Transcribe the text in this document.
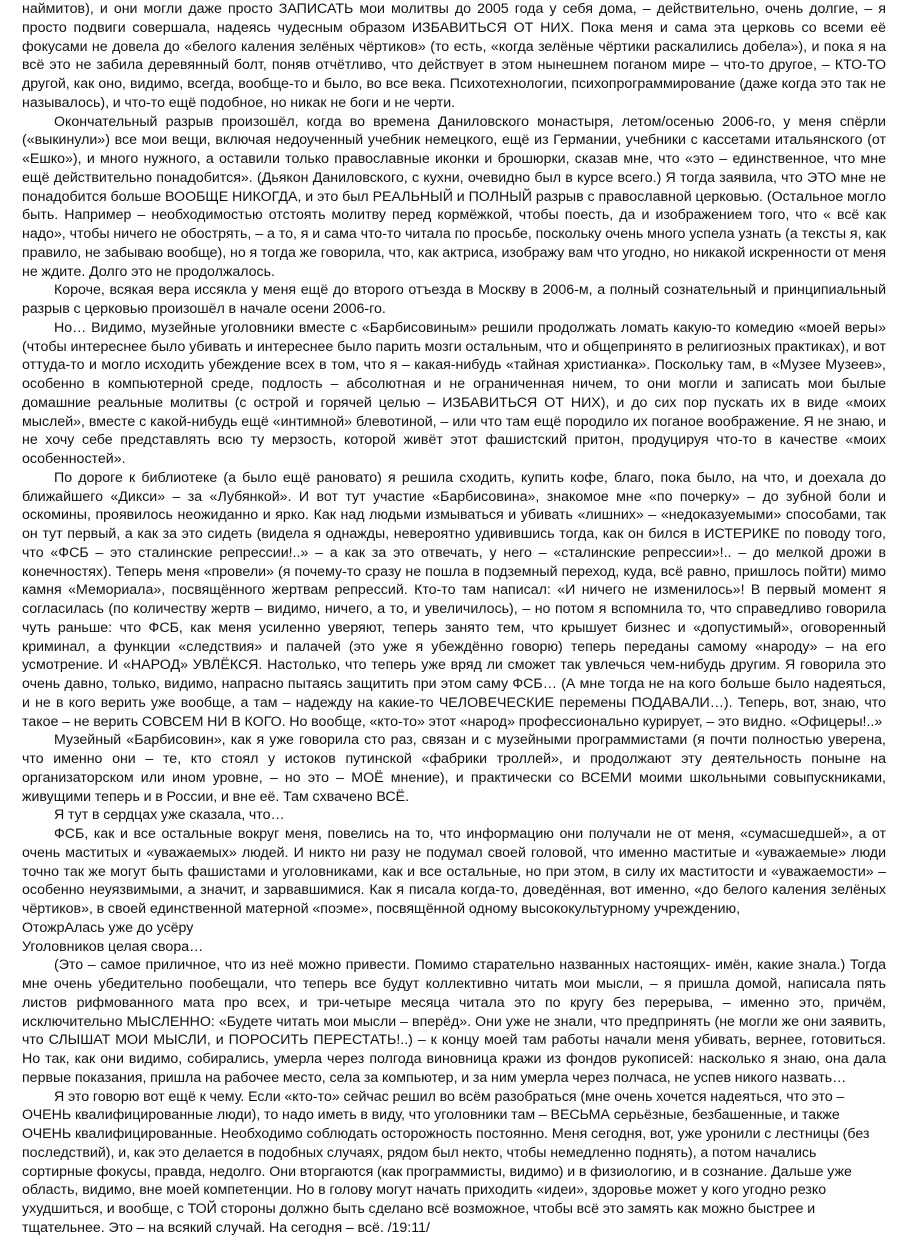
наймитов), и они могли даже просто ЗАПИСАТЬ мои молитвы до 2005 года у себя дома, – действительно, очень долгие, – я просто подвиги совершала, надеясь чудесным образом ИЗБАВИТЬСЯ ОТ НИХ. Пока меня и сама эта церковь со всеми её фокусами не довела до «белого каления зелёных чёртиков» (то есть, «когда зелёные чёртики раскалились добела»), и пока я на всё это не забила деревянный болт, поняв отчётливо, что действует в этом нынешнем поганом мире – что-то другое, – КТО-ТО другой, как оно, видимо, всегда, вообще-то и было, во все века. Психотехнологии, психопрограммирование (даже когда это так не называлось), и что-то ещё подобное, но никак не боги и не черти.

Окончательный разрыв произошёл, когда во времена Даниловского монастыря, летом/осенью 2006-го, у меня спёрли («выкинули») все мои вещи, включая недоученный учебник немецкого, ещё из Германии, учебники с кассетами итальянского (от «Ешко»), и много нужного, а оставили только православные иконки и брошюрки, сказав мне, что «это – единственное, что мне ещё действительно понадобится». (Дьякон Даниловского, с кухни, очевидно был в курсе всего.) Я тогда заявила, что ЭТО мне не понадобится больше ВООБЩЕ НИКОГДА, и это был РЕАЛЬНЫЙ и ПОЛНЫЙ разрыв с православной церковью. (Остальное могло быть. Например – необходимостью отстоять молитву перед кормёжкой, чтобы поесть, да и изображением того, что « всё как надо», чтобы ничего не обострять, – а то, я и сама что-то читала по просьбе, поскольку очень много успела узнать (а тексты я, как правило, не забываю вообще), но я тогда же говорила, что, как актриса, изображу вам что угодно, но никакой искренности от меня не ждите. Долго это не продолжалось.

Короче, всякая вера иссякла у меня ещё до второго отъезда в Москву в 2006-м, а полный сознательный и принципиальный разрыв с церковью произошёл в начале осени 2006-го.

Но… Видимо, музейные уголовники вместе с «Барбисовиным» решили продолжать ломать какую-то комедию «моей веры» (чтобы интереснее было убивать и интереснее было парить мозги остальным, что и общепринято в религиозных практиках), и вот оттуда-то и могло исходить убеждение всех в том, что я – какая-нибудь «тайная христианка». Поскольку там, в «Музее Музеев», особенно в компьютерной среде, подлость – абсолютная и не ограниченная ничем, то они могли и записать мои былые домашние реальные молитвы (с острой и горячей целью – ИЗБАВИТЬСЯ ОТ НИХ), и до сих пор пускать их в виде «моих мыслей», вместе с какой-нибудь ещё «интимной» блевотиной, – или что там ещё породило их поганое воображение. Я не знаю, и не хочу себе представлять всю ту мерзость, которой живёт этот фашистский притон, продуцируя что-то в качестве «моих особенностей».

По дороге к библиотеке (а было ещё рановато) я решила сходить, купить кофе, благо, пока было, на что, и доехала до ближайшего «Дикси» – за «Лубянкой». И вот тут участие «Барбисовина», знакомое мне «по почерку» – до зубной боли и оскомины, проявилось неожиданно и ярко. Как над людьми измываться и убивать «лишних» – «недоказуемыми» способами, так он тут первый, а как за это сидеть (видела я однажды, невероятно удивившись тогда, как он бился в ИСТЕРИКЕ по поводу того, что «ФСБ – это сталинские репрессии!..» – а как за это отвечать, у него – «сталинские репрессии»!.. – до мелкой дрожи в конечностях). Теперь меня «провели» (я почему-то сразу не пошла в подземный переход, куда, всё равно, пришлось пойти) мимо камня «Мемориала», посвящённого жертвам репрессий. Кто-то там написал: «И ничего не изменилось»! В первый момент я согласилась (по количеству жертв – видимо, ничего, а то, и увеличилось), – но потом я вспомнила то, что справедливо говорила чуть раньше: что ФСБ, как меня усиленно уверяют, теперь занято тем, что крышует бизнес и «допустимый», оговоренный криминал, а функции «следствия» и палачей (это уже я убеждённо говорю) теперь переданы самому «народу» – на его усмотрение. И «НАРОД» УВЛЁКСЯ. Настолько, что теперь уже вряд ли сможет так увлечься чем-нибудь другим. Я говорила это очень давно, только, видимо, напрасно пытаясь защитить при этом саму ФСБ… (А мне тогда не на кого больше было надеяться, и не в кого верить уже вообще, а там – надежду на какие-то ЧЕЛОВЕЧЕСКИЕ перемены ПОДАВАЛИ…). Теперь, вот, знаю, что такое – не верить СОВСЕМ НИ В КОГО. Но вообще, «кто-то» этот «народ» профессионально курирует, – это видно. «Офицеры!..»

Музейный «Барбисовин», как я уже говорила сто раз, связан и с музейными программистами (я почти полностью уверена, что именно они – те, кто стоял у истоков путинской «фабрики троллей», и продолжают эту деятельность поныне на организаторском или ином уровне, – но это – МОЁ мнение), и практически со ВСЕМИ моими школьными совыпускниками, живущими теперь и в России, и вне её. Там схвачено ВСЁ.

Я тут в сердцах уже сказала, что…

ФСБ, как и все остальные вокруг меня, повелись на то, что информацию они получали не от меня, «сумасшедшей», а от очень маститых и «уважаемых» людей. И никто ни разу не подумал своей головой, что именно маститые и «уважаемые» люди точно так же могут быть фашистами и уголовниками, как и все остальные, но при этом, в силу их маститости и «уважаемости» – особенно неуязвимыми, а значит, и зарвавшимися. Как я писала когда-то, доведённая, вот именно, «до белого каления зелёных чёртиков», в своей единственной матерной «поэме», посвящённой одному высококультурному учреждению,

ОтожрАлась уже до усёру

Уголовников целая свора…

(Это – самое приличное, что из неё можно привести. Помимо старательно названных настоящих- имён, какие знала.) Тогда мне очень убедительно пообещали, что теперь все будут коллективно читать мои мысли, – я пришла домой, написала пять листов рифмованного мата про всех, и три-четыре месяца читала это по кругу без перерыва, – именно это, причём, исключительно МЫСЛЕННО: «Будете читать мои мысли – вперёд». Они уже не знали, что предпринять (не могли же они заявить, что СЛЫШАТ МОИ МЫСЛИ, и ПОРОСИТЬ ПЕРЕСТАТЬ!..) – к концу моей там работы начали меня убивать, вернее, готовиться. Но так, как они видимо, собирались, умерла через полгода виновница кражи из фондов рукописей: насколько я знаю, она дала первые показания, пришла на рабочее место, села за компьютер, и за ним умерла через полчаса, не успев никого назвать…

Я это говорю вот ещё к чему. Если «кто-то» сейчас решил во всём разобраться (мне очень хочется надеяться, что это – ОЧЕНЬ квалифицированные люди), то надо иметь в виду, что уголовники там – ВЕСЬМА серьёзные, безбашенные, и также ОЧЕНЬ квалифицированные. Необходимо соблюдать осторожность постоянно. Меня сегодня, вот, уже уронили с лестницы (без последствий), и, как это делается в подобных случаях, рядом был некто, чтобы немедленно поднять), а потом начались сортирные фокусы, правда, недолго. Они вторгаются (как программисты, видимо) и в физиологию, и в сознание. Дальше уже область, видимо, вне моей компетенции. Но в голову могут начать приходить «идеи», здоровье может у кого угодно резко ухудшиться, и вообще, с ТОЙ стороны должно быть сделано всё возможное, чтобы всё это замять как можно быстрее и тщательнее. Это – на всякий случай. На сегодня – всё. /19:11/
